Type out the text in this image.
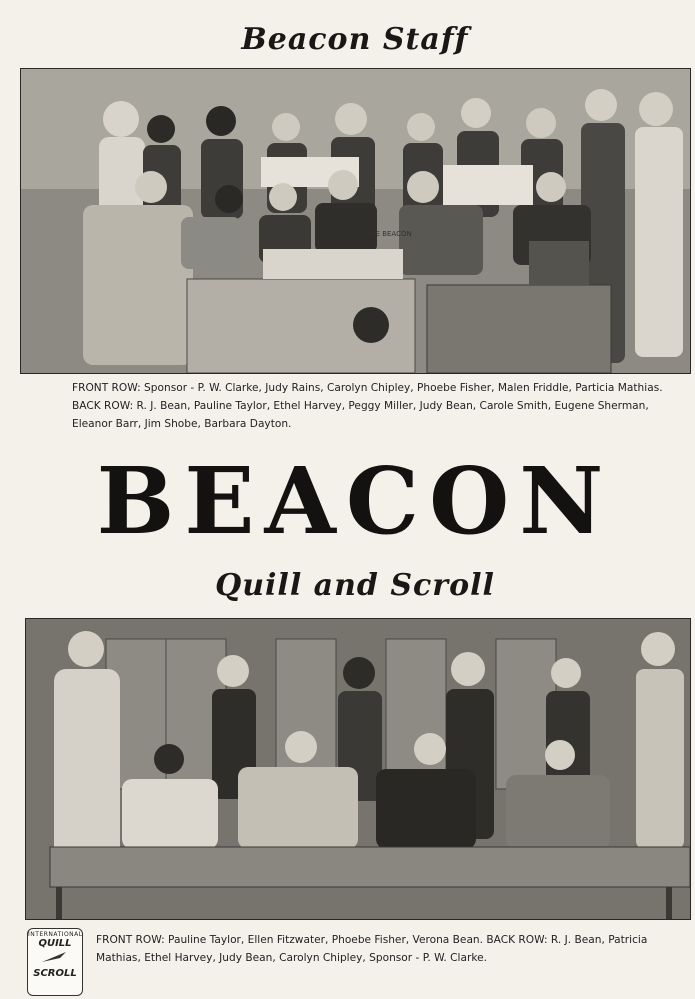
Beacon Staff
THE BEACON
FRONT ROW: Sponsor - P. W. Clarke, Judy Rains, Carolyn Chipley, Phoebe Fisher, Malen Friddle, Particia Mathias. BACK ROW: R. J. Bean, Pauline Taylor, Ethel Harvey, Peggy Miller, Judy Bean, Carole Smith, Eugene Sherman, Eleanor Barr, Jim Shobe, Barbara Dayton.
BEACON
Quill and Scroll
INTERNATIONAL
QUILL
SCROLL
FRONT ROW: Pauline Taylor, Ellen Fitzwater, Phoebe Fisher, Verona Bean. BACK ROW: R. J. Bean, Patricia Mathias, Ethel Harvey, Judy Bean, Carolyn Chipley, Sponsor - P. W. Clarke.
